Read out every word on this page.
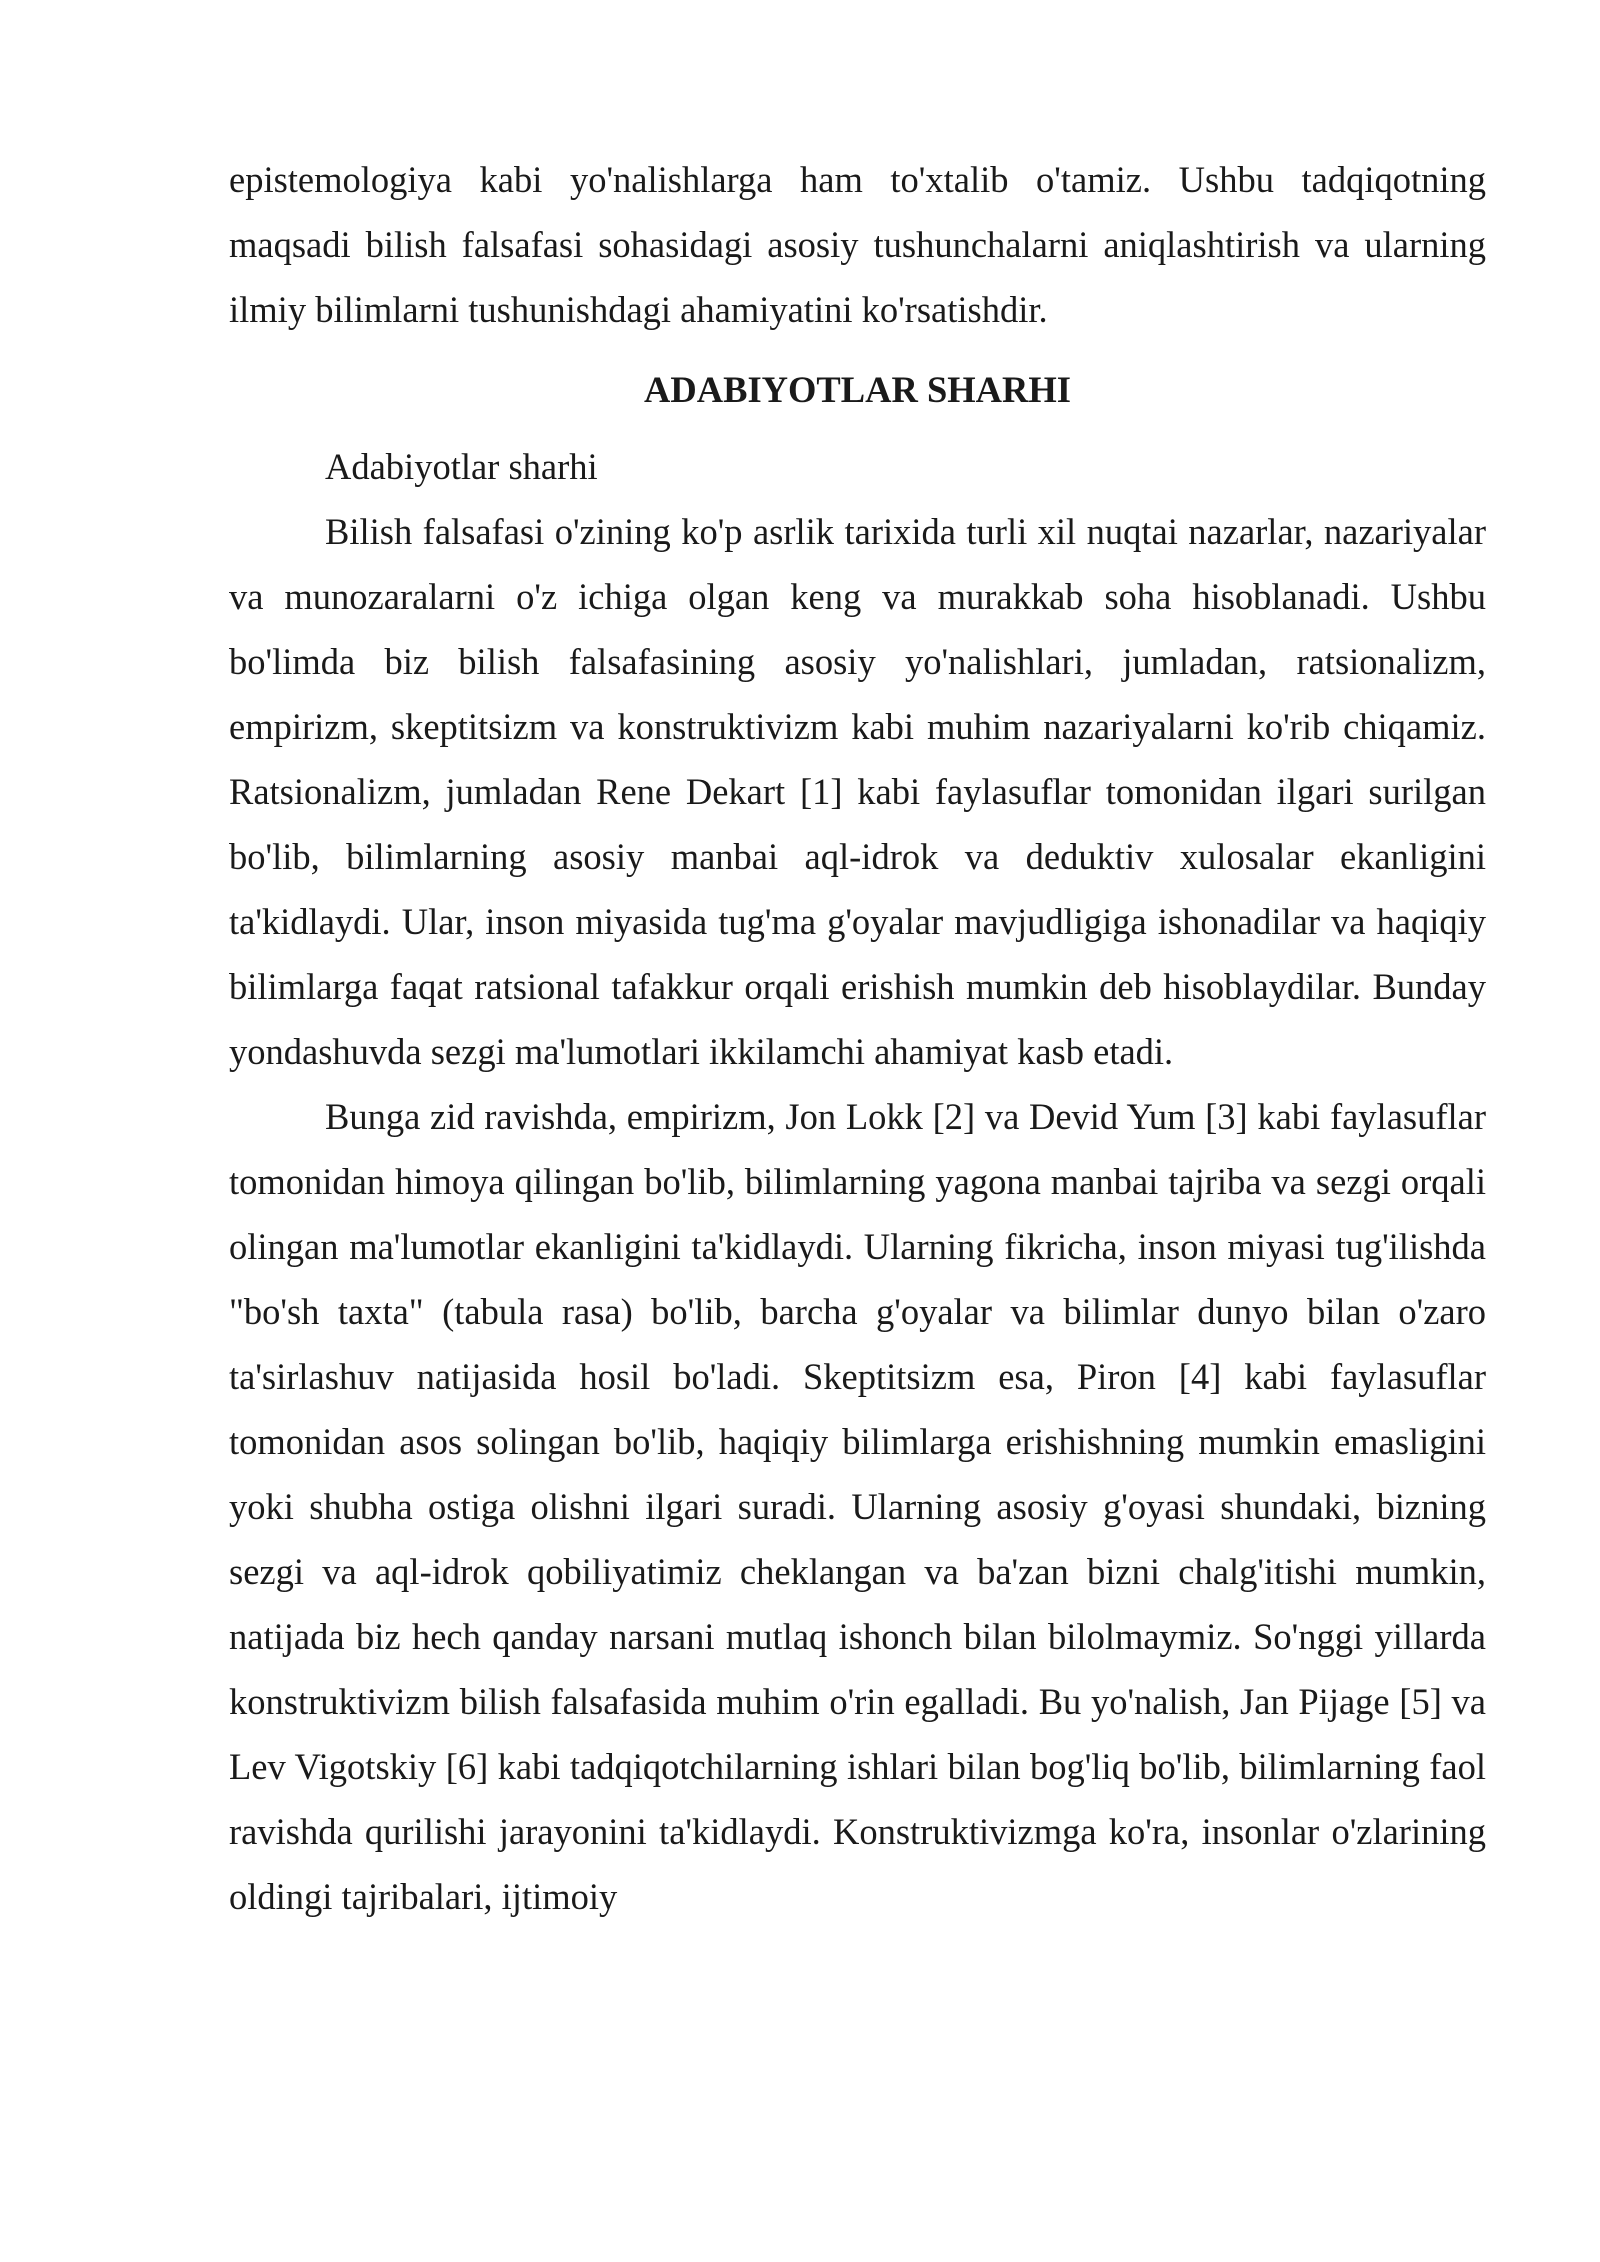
epistemologiya kabi yo'nalishlarga ham to'xtalib o'tamiz. Ushbu tadqiqotning maqsadi bilish falsafasi sohasidagi asosiy tushunchalarni aniqlashtirish va ularning ilmiy bilimlarni tushunishdagi ahamiyatini ko'rsatishdir.

ADABIYOTLAR SHARHI

Adabiyotlar sharhi

Bilish falsafasi o'zining ko'p asrlik tarixida turli xil nuqtai nazarlar, nazariyalar va munozaralarni o'z ichiga olgan keng va murakkab soha hisoblanadi. Ushbu bo'limda biz bilish falsafasining asosiy yo'nalishlari, jumladan, ratsionalizm, empirizm, skeptitsizm va konstruktivizm kabi muhim nazariyalarni ko'rib chiqamiz. Ratsionalizm, jumladan Rene Dekart [1] kabi faylasuflar tomonidan ilgari surilgan bo'lib, bilimlarning asosiy manbai aql-idrok va deduktiv xulosalar ekanligini ta'kidlaydi. Ular, inson miyasida tug'ma g'oyalar mavjudligiga ishonadilar va haqiqiy bilimlarga faqat ratsional tafakkur orqali erishish mumkin deb hisoblaydilar. Bunday yondashuvda sezgi ma'lumotlari ikkilamchi ahamiyat kasb etadi.

Bunga zid ravishda, empirizm, Jon Lokk [2] va Devid Yum [3] kabi faylasuflar tomonidan himoya qilingan bo'lib, bilimlarning yagona manbai tajriba va sezgi orqali olingan ma'lumotlar ekanligini ta'kidlaydi. Ularning fikricha, inson miyasi tug'ilishda "bo'sh taxta" (tabula rasa) bo'lib, barcha g'oyalar va bilimlar dunyo bilan o'zaro ta'sirlashuv natijasida hosil bo'ladi. Skeptitsizm esa, Piron [4] kabi faylasuflar tomonidan asos solingan bo'lib, haqiqiy bilimlarga erishishning mumkin emasligini yoki shubha ostiga olishni ilgari suradi. Ularning asosiy g'oyasi shundaki, bizning sezgi va aql-idrok qobiliyatimiz cheklangan va ba'zan bizni chalg'itishi mumkin, natijada biz hech qanday narsani mutlaq ishonch bilan bilolmaymiz. So'nggi yillarda konstruktivizm bilish falsafasida muhim o'rin egalladi. Bu yo'nalish, Jan Pijage [5] va Lev Vigotskiy [6] kabi tadqiqotchilarning ishlari bilan bog'liq bo'lib, bilimlarning faol ravishda qurilishi jarayonini ta'kidlaydi. Konstruktivizmga ko'ra, insonlar o'zlarining oldingi tajribalari, ijtimoiy
